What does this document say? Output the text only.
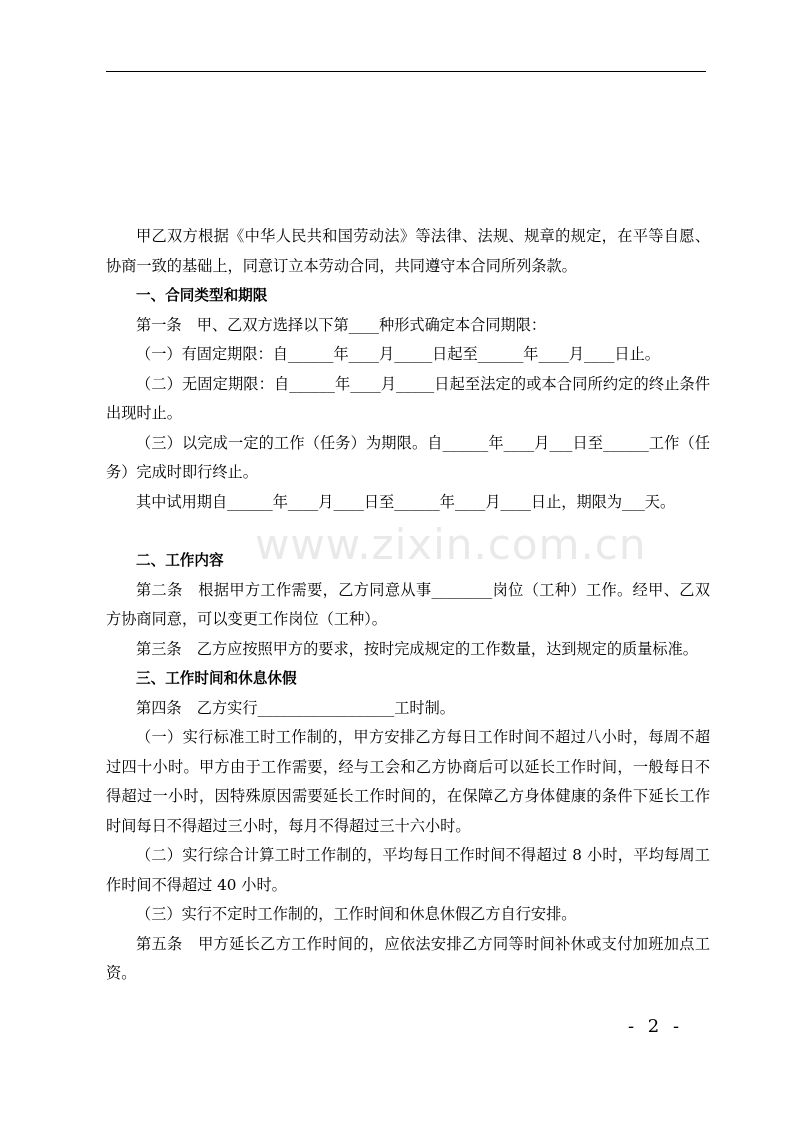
www.zixin.com.cn

甲乙双方根据《中华人民共和国劳动法》等法律、法规、规章的规定，在平等自愿、协商一致的基础上，同意订立本劳动合同，共同遵守本合同所列条款。

一、合同类型和期限

第一条　甲、乙双方选择以下第____种形式确定本合同期限：

（一）有固定期限：自______年____月_____日起至______年____月____日止。

（二）无固定期限：自______年____月_____日起至法定的或本合同所约定的终止条件出现时止。

（三）以完成一定的工作（任务）为期限。自______年____月___日至______工作（任务）完成时即行终止。

其中试用期自______年____月____日至______年____月____日止，期限为___天。

二、工作内容

第二条　根据甲方工作需要，乙方同意从事________岗位（工种）工作。经甲、乙双方协商同意，可以变更工作岗位（工种）。

第三条　乙方应按照甲方的要求，按时完成规定的工作数量，达到规定的质量标准。

三、工作时间和休息休假

第四条　乙方实行__________________工时制。

（一）实行标准工时工作制的，甲方安排乙方每日工作时间不超过八小时，每周不超过四十小时。甲方由于工作需要，经与工会和乙方协商后可以延长工作时间，一般每日不得超过一小时，因特殊原因需要延长工作时间的，在保障乙方身体健康的条件下延长工作时间每日不得超过三小时，每月不得超过三十六小时。

（二）实行综合计算工时工作制的，平均每日工作时间不得超过 8 小时，平均每周工作时间不得超过 40 小时。

（三）实行不定时工作制的，工作时间和休息休假乙方自行安排。

第五条　甲方延长乙方工作时间的，应依法安排乙方同等时间补休或支付加班加点工资。

- 2 -
